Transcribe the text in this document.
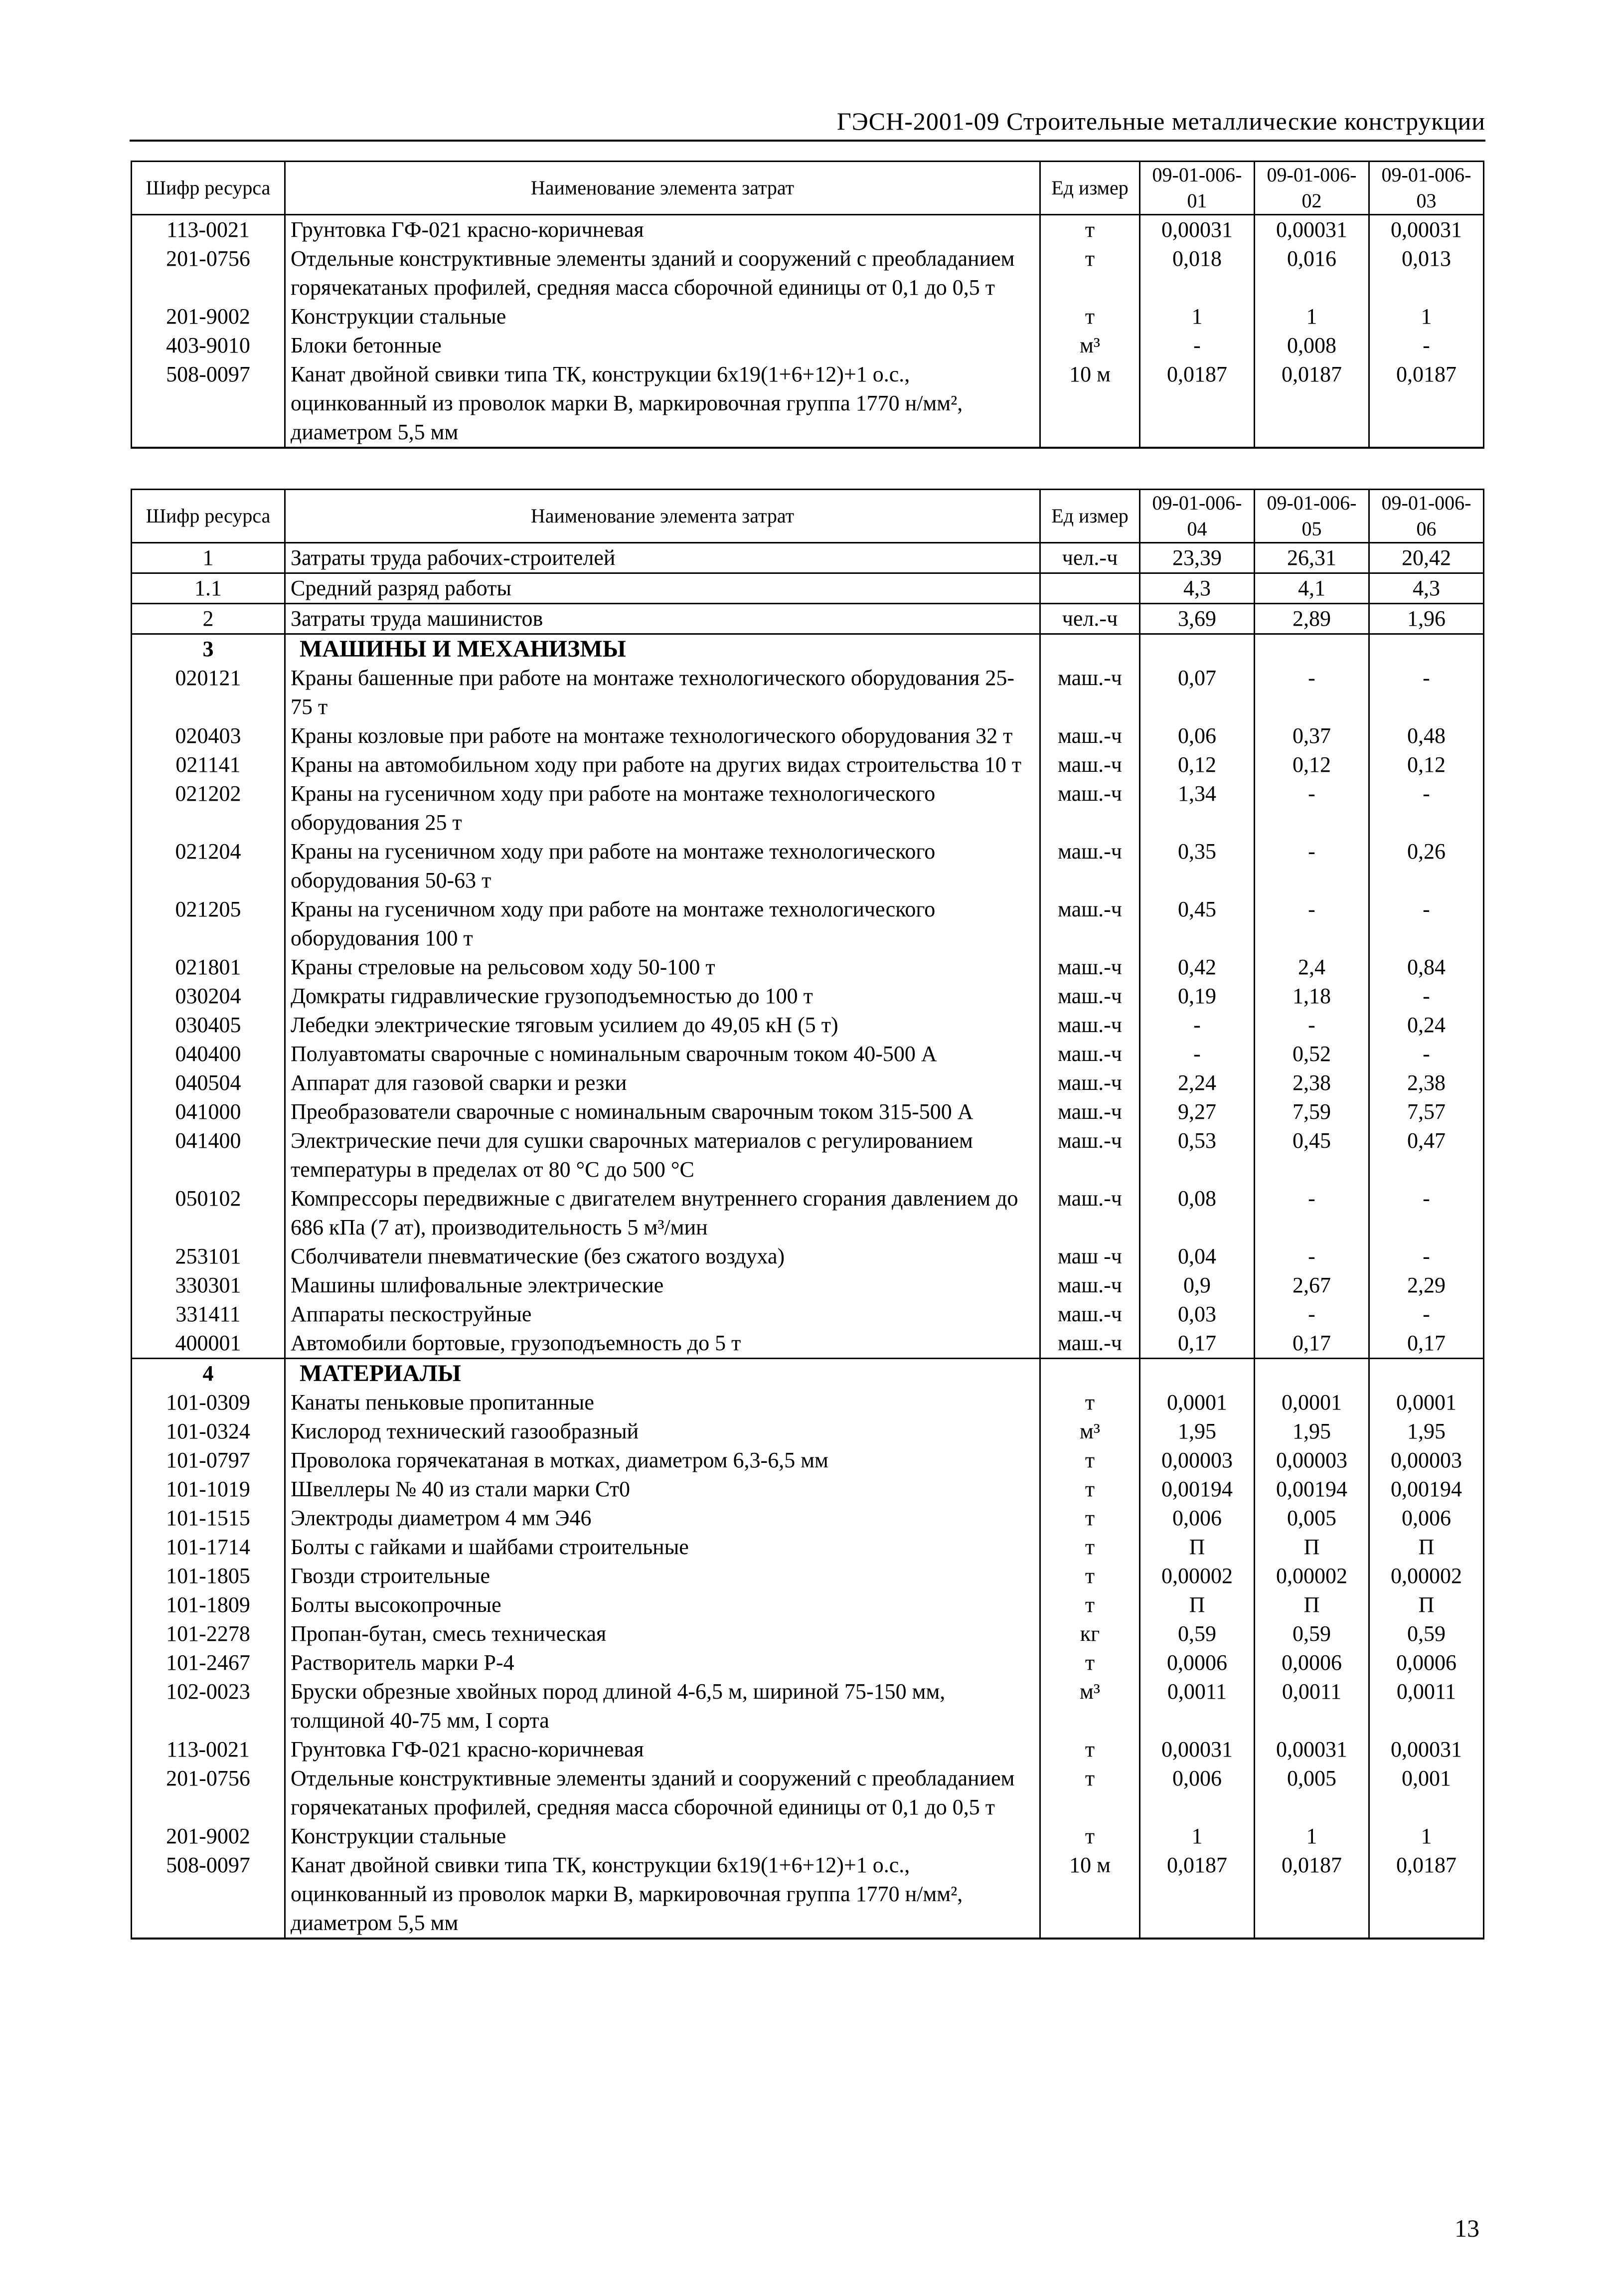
ГЭСН-2001-09 Строительные металлические конструкции
Шифр ресурса	Наименование элемента затрат	Ед измер	09-01-006-01	09-01-006-02	09-01-006-03
113-0021	Грунтовка ГФ-021 красно-коричневая	т	0,00031	0,00031	0,00031
201-0756	Отдельные конструктивные элементы зданий и сооружений с преобладанием горячекатаных профилей, средняя масса сборочной единицы от 0,1 до 0,5 т	т	0,018	0,016	0,013
201-9002	Конструкции стальные	т	1	1	1
403-9010	Блоки бетонные	м³	-	0,008	-
508-0097	Канат двойной свивки типа ТК, конструкции 6х19(1+6+12)+1 о.с., оцинкованный из проволок марки В, маркировочная группа 1770 н/мм², диаметром 5,5 мм	10 м	0,0187	0,0187	0,0187
Шифр ресурса	Наименование элемента затрат	Ед измер	09-01-006-04	09-01-006-05	09-01-006-06
1	Затраты труда рабочих-строителей	чел.-ч	23,39	26,31	20,42
1.1	Средний разряд работы		4,3	4,1	4,3
2	Затраты труда машинистов	чел.-ч	3,69	2,89	1,96
3	МАШИНЫ И МЕХАНИЗМЫ				
020121	Краны башенные при работе на монтаже технологического оборудования 25-75 т	маш.-ч	0,07	-	-
020403	Краны козловые при работе на монтаже технологического оборудования 32 т	маш.-ч	0,06	0,37	0,48
021141	Краны на автомобильном ходу при работе на других видах строительства 10 т	маш.-ч	0,12	0,12	0,12
021202	Краны на гусеничном ходу при работе на монтаже технологического оборудования 25 т	маш.-ч	1,34	-	-
021204	Краны на гусеничном ходу при работе на монтаже технологического оборудования 50-63 т	маш.-ч	0,35	-	0,26
021205	Краны на гусеничном ходу при работе на монтаже технологического оборудования 100 т	маш.-ч	0,45	-	-
021801	Краны стреловые на рельсовом ходу 50-100 т	маш.-ч	0,42	2,4	0,84
030204	Домкраты гидравлические грузоподъемностью до 100 т	маш.-ч	0,19	1,18	-
030405	Лебедки электрические тяговым усилием до 49,05 кН (5 т)	маш.-ч	-	-	0,24
040400	Полуавтоматы сварочные с номинальным сварочным током 40-500 А	маш.-ч	-	0,52	-
040504	Аппарат для газовой сварки и резки	маш.-ч	2,24	2,38	2,38
041000	Преобразователи сварочные с номинальным сварочным током 315-500 А	маш.-ч	9,27	7,59	7,57
041400	Электрические печи для сушки сварочных материалов с регулированием температуры в пределах от 80 °С до 500 °С	маш.-ч	0,53	0,45	0,47
050102	Компрессоры передвижные с двигателем внутреннего сгорания давлением до 686 кПа (7 ат), производительность 5 м³/мин	маш.-ч	0,08	-	-
253101	Сболчиватели пневматические (без сжатого воздуха)	маш -ч	0,04	-	-
330301	Машины шлифовальные электрические	маш.-ч	0,9	2,67	2,29
331411	Аппараты пескоструйные	маш.-ч	0,03	-	-
400001	Автомобили бортовые, грузоподъемность до 5 т	маш.-ч	0,17	0,17	0,17
4	МАТЕРИАЛЫ				
101-0309	Канаты пеньковые пропитанные	т	0,0001	0,0001	0,0001
101-0324	Кислород технический газообразный	м³	1,95	1,95	1,95
101-0797	Проволока горячекатаная в мотках, диаметром 6,3-6,5 мм	т	0,00003	0,00003	0,00003
101-1019	Швеллеры № 40 из стали марки Ст0	т	0,00194	0,00194	0,00194
101-1515	Электроды диаметром 4 мм Э46	т	0,006	0,005	0,006
101-1714	Болты с гайками и шайбами строительные	т	П	П	П
101-1805	Гвозди строительные	т	0,00002	0,00002	0,00002
101-1809	Болты высокопрочные	т	П	П	П
101-2278	Пропан-бутан, смесь техническая	кг	0,59	0,59	0,59
101-2467	Растворитель марки Р-4	т	0,0006	0,0006	0,0006
102-0023	Бруски обрезные хвойных пород длиной 4-6,5 м, шириной 75-150 мм, толщиной 40-75 мм, I сорта	м³	0,0011	0,0011	0,0011
113-0021	Грунтовка ГФ-021 красно-коричневая	т	0,00031	0,00031	0,00031
201-0756	Отдельные конструктивные элементы зданий и сооружений с преобладанием горячекатаных профилей, средняя масса сборочной единицы от 0,1 до 0,5 т	т	0,006	0,005	0,001
201-9002	Конструкции стальные	т	1	1	1
508-0097	Канат двойной свивки типа ТК, конструкции 6х19(1+6+12)+1 о.с., оцинкованный из проволок марки В, маркировочная группа 1770 н/мм², диаметром 5,5 мм	10 м	0,0187	0,0187	0,0187
13
